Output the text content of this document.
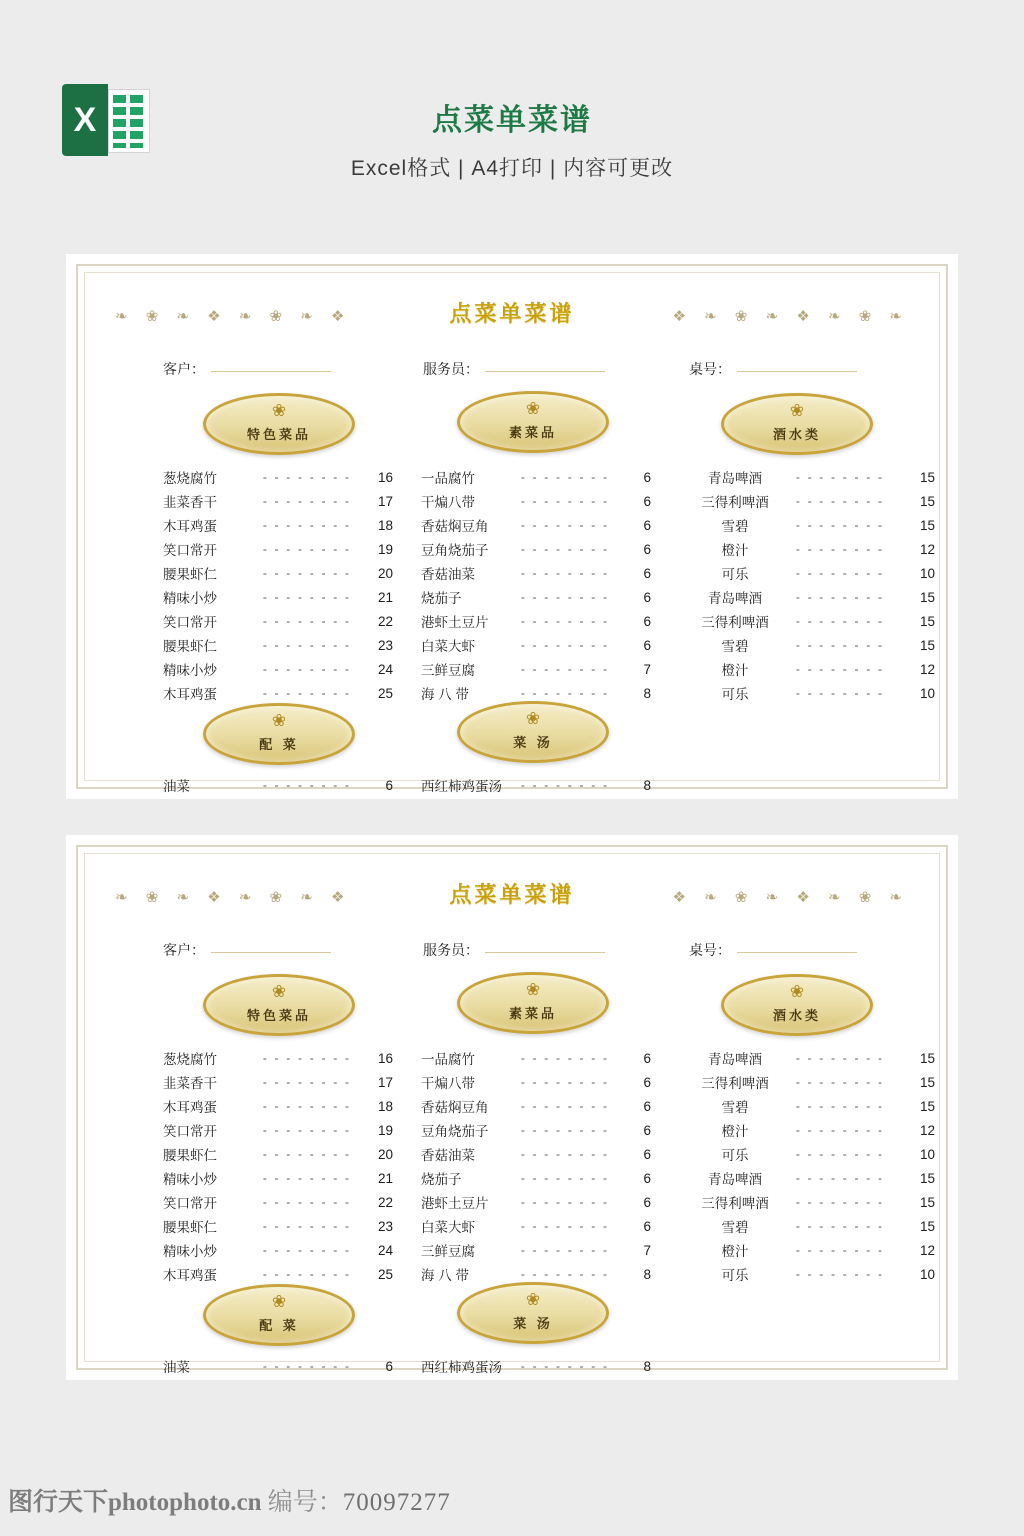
X	点菜单菜谱
Excel格式 | A4打印 | 内容可更改
❧ ❀ ❧ ❖ ❧ ❀ ❧ ❖	❖ ❧ ❀ ❧ ❖ ❧ ❀ ❧
点菜单菜谱
客户：	服务员：	桌号：
❀
特色菜品
❀
素菜品
❀
酒水类
❀
配 菜
❀
菜 汤
葱烧腐竹	- - - - - - - -	16
韭菜香干	- - - - - - - -	17
木耳鸡蛋	- - - - - - - -	18
笑口常开	- - - - - - - -	19
腰果虾仁	- - - - - - - -	20
精味小炒	- - - - - - - -	21
笑口常开	- - - - - - - -	22
腰果虾仁	- - - - - - - -	23
精味小炒	- - - - - - - -	24
木耳鸡蛋	- - - - - - - -	25
一品腐竹	- - - - - - - -	6
干煸八带	- - - - - - - -	6
香菇焖豆角	- - - - - - - -	6
豆角烧茄子	- - - - - - - -	6
香菇油菜	- - - - - - - -	6
烧茄子	- - - - - - - -	6
港虾土豆片	- - - - - - - -	6
白菜大虾	- - - - - - - -	6
三鲜豆腐	- - - - - - - -	7
海 八 带	- - - - - - - -	8
青岛啤酒	- - - - - - - -	15
三得利啤酒	- - - - - - - -	15
雪碧	- - - - - - - -	15
橙汁	- - - - - - - -	12
可乐	- - - - - - - -	10
青岛啤酒	- - - - - - - -	15
三得利啤酒	- - - - - - - -	15
雪碧	- - - - - - - -	15
橙汁	- - - - - - - -	12
可乐	- - - - - - - -	10
油菜	- - - - - - - -	6 西红柿鸡蛋汤	- - - - - - - -	8
❧ ❀ ❧ ❖ ❧ ❀ ❧ ❖	❖ ❧ ❀ ❧ ❖ ❧ ❀ ❧
点菜单菜谱
客户：	服务员：	桌号：
❀
特色菜品
❀
素菜品
❀
酒水类
❀
配 菜
❀
菜 汤
葱烧腐竹	- - - - - - - -	16
韭菜香干	- - - - - - - -	17
木耳鸡蛋	- - - - - - - -	18
笑口常开	- - - - - - - -	19
腰果虾仁	- - - - - - - -	20
精味小炒	- - - - - - - -	21
笑口常开	- - - - - - - -	22
腰果虾仁	- - - - - - - -	23
精味小炒	- - - - - - - -	24
木耳鸡蛋	- - - - - - - -	25
一品腐竹	- - - - - - - -	6
干煸八带	- - - - - - - -	6
香菇焖豆角	- - - - - - - -	6
豆角烧茄子	- - - - - - - -	6
香菇油菜	- - - - - - - -	6
烧茄子	- - - - - - - -	6
港虾土豆片	- - - - - - - -	6
白菜大虾	- - - - - - - -	6
三鲜豆腐	- - - - - - - -	7
海 八 带	- - - - - - - -	8
青岛啤酒	- - - - - - - -	15
三得利啤酒	- - - - - - - -	15
雪碧	- - - - - - - -	15
橙汁	- - - - - - - -	12
可乐	- - - - - - - -	10
青岛啤酒	- - - - - - - -	15
三得利啤酒	- - - - - - - -	15
雪碧	- - - - - - - -	15
橙汁	- - - - - - - -	12
可乐	- - - - - - - -	10
油菜	- - - - - - - -	6 西红柿鸡蛋汤	- - - - - - - -	8
图行天下photophoto.cn 编号：70097277
